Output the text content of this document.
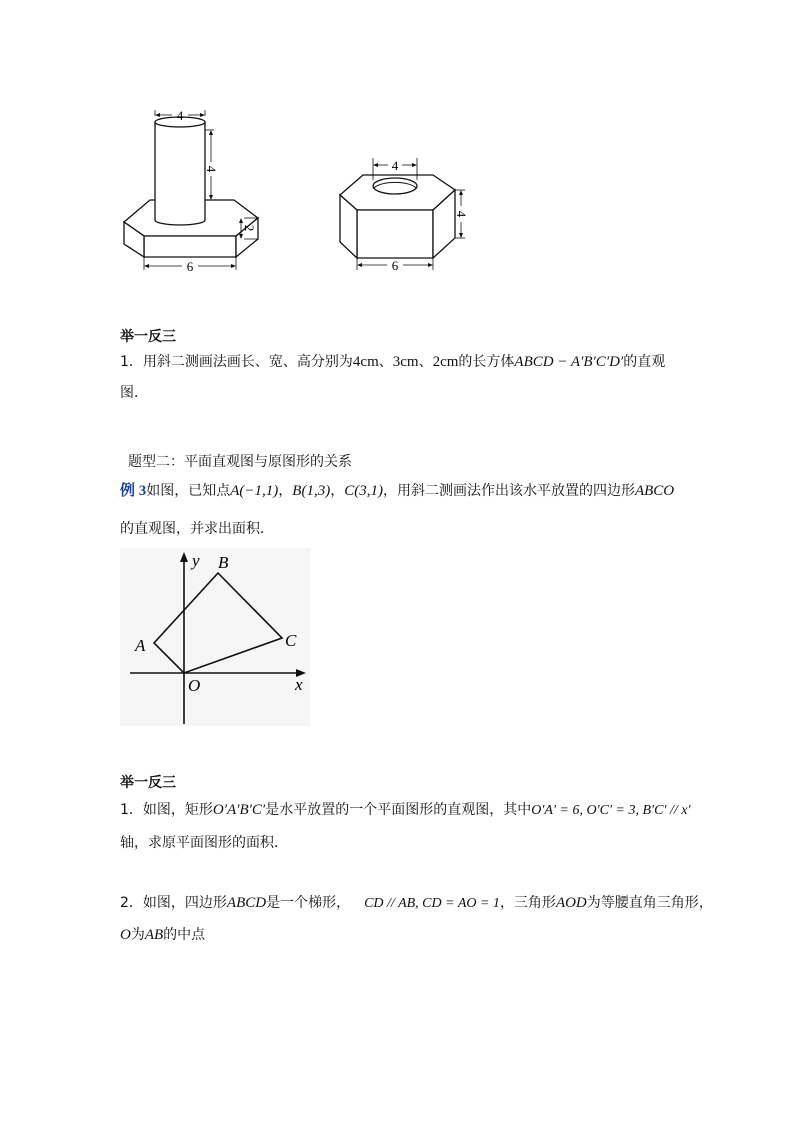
4
4
2
6
4
4
6
举一反三
1．用斜二测画法画长、宽、高分别为4cm、3cm、2cm的长方体ABCD − A′B′C′D′的直观
图．
题型二：平面直观图与原图形的关系
例 3如图，已知点A(−1,1)，B(1,3)，C(3,1)，用斜二测画法作出该水平放置的四边形ABCO
的直观图，并求出面积．
y B
A	C
O	x
举一反三
1．如图，矩形O′A′B′C′是水平放置的一个平面图形的直观图，其中O′A′ = 6, O′C′ = 3, B′C′ // x′
轴，求原平面图形的面积．
2．如图，四边形ABCD是一个梯形， CD // AB, CD = AO = 1，三角形AOD为等腰直角三角形，
O为AB的中点
